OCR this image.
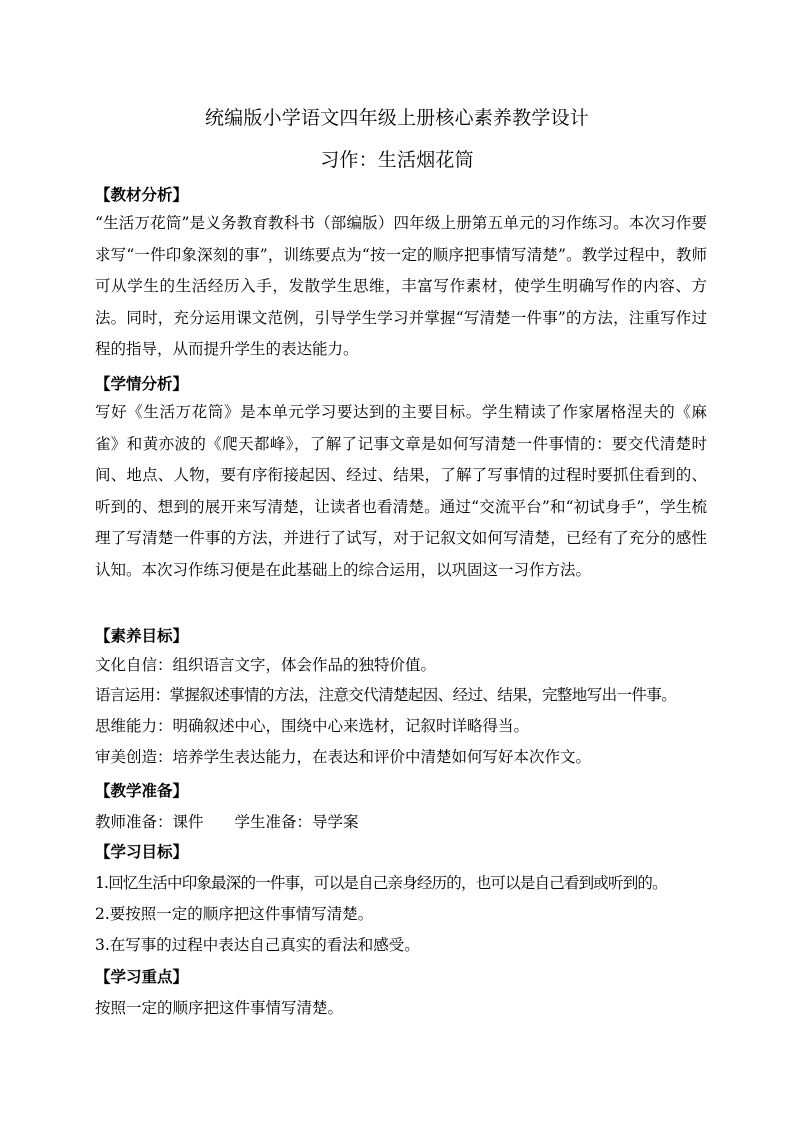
统编版小学语文四年级上册核心素养教学设计
习作：生活烟花筒

【教材分析】

“生活万花筒”是义务教育教科书（部编版）四年级上册第五单元的习作练习。本次习作要求写“一件印象深刻的事”，训练要点为“按一定的顺序把事情写清楚”。教学过程中，教师可从学生的生活经历入手，发散学生思维，丰富写作素材，使学生明确写作的内容、方法。同时，充分运用课文范例，引导学生学习并掌握“写清楚一件事”的方法，注重写作过程的指导，从而提升学生的表达能力。

【学情分析】

写好《生活万花筒》是本单元学习要达到的主要目标。学生精读了作家屠格涅夫的《麻雀》和黄亦波的《爬天都峰》，了解了记事文章是如何写清楚一件事情的：要交代清楚时间、地点、人物，要有序衔接起因、经过、结果，了解了写事情的过程时要抓住看到的、听到的、想到的展开来写清楚，让读者也看清楚。通过“交流平台”和“初试身手”，学生梳理了写清楚一件事的方法，并进行了试写，对于记叙文如何写清楚，已经有了充分的感性认知。本次习作练习便是在此基础上的综合运用，以巩固这一习作方法。

【素养目标】

文化自信：组织语言文字，体会作品的独特价值。

语言运用：掌握叙述事情的方法，注意交代清楚起因、经过、结果，完整地写出一件事。

思维能力：明确叙述中心，围绕中心来选材，记叙时详略得当。

审美创造：培养学生表达能力，在表达和评价中清楚如何写好本次作文。

【教学准备】

教师准备：课件　　学生准备：导学案

【学习目标】

1.回忆生活中印象最深的一件事，可以是自己亲身经历的，也可以是自己看到或听到的。

2.要按照一定的顺序把这件事情写清楚。

3.在写事的过程中表达自己真实的看法和感受。

【学习重点】

按照一定的顺序把这件事情写清楚。
